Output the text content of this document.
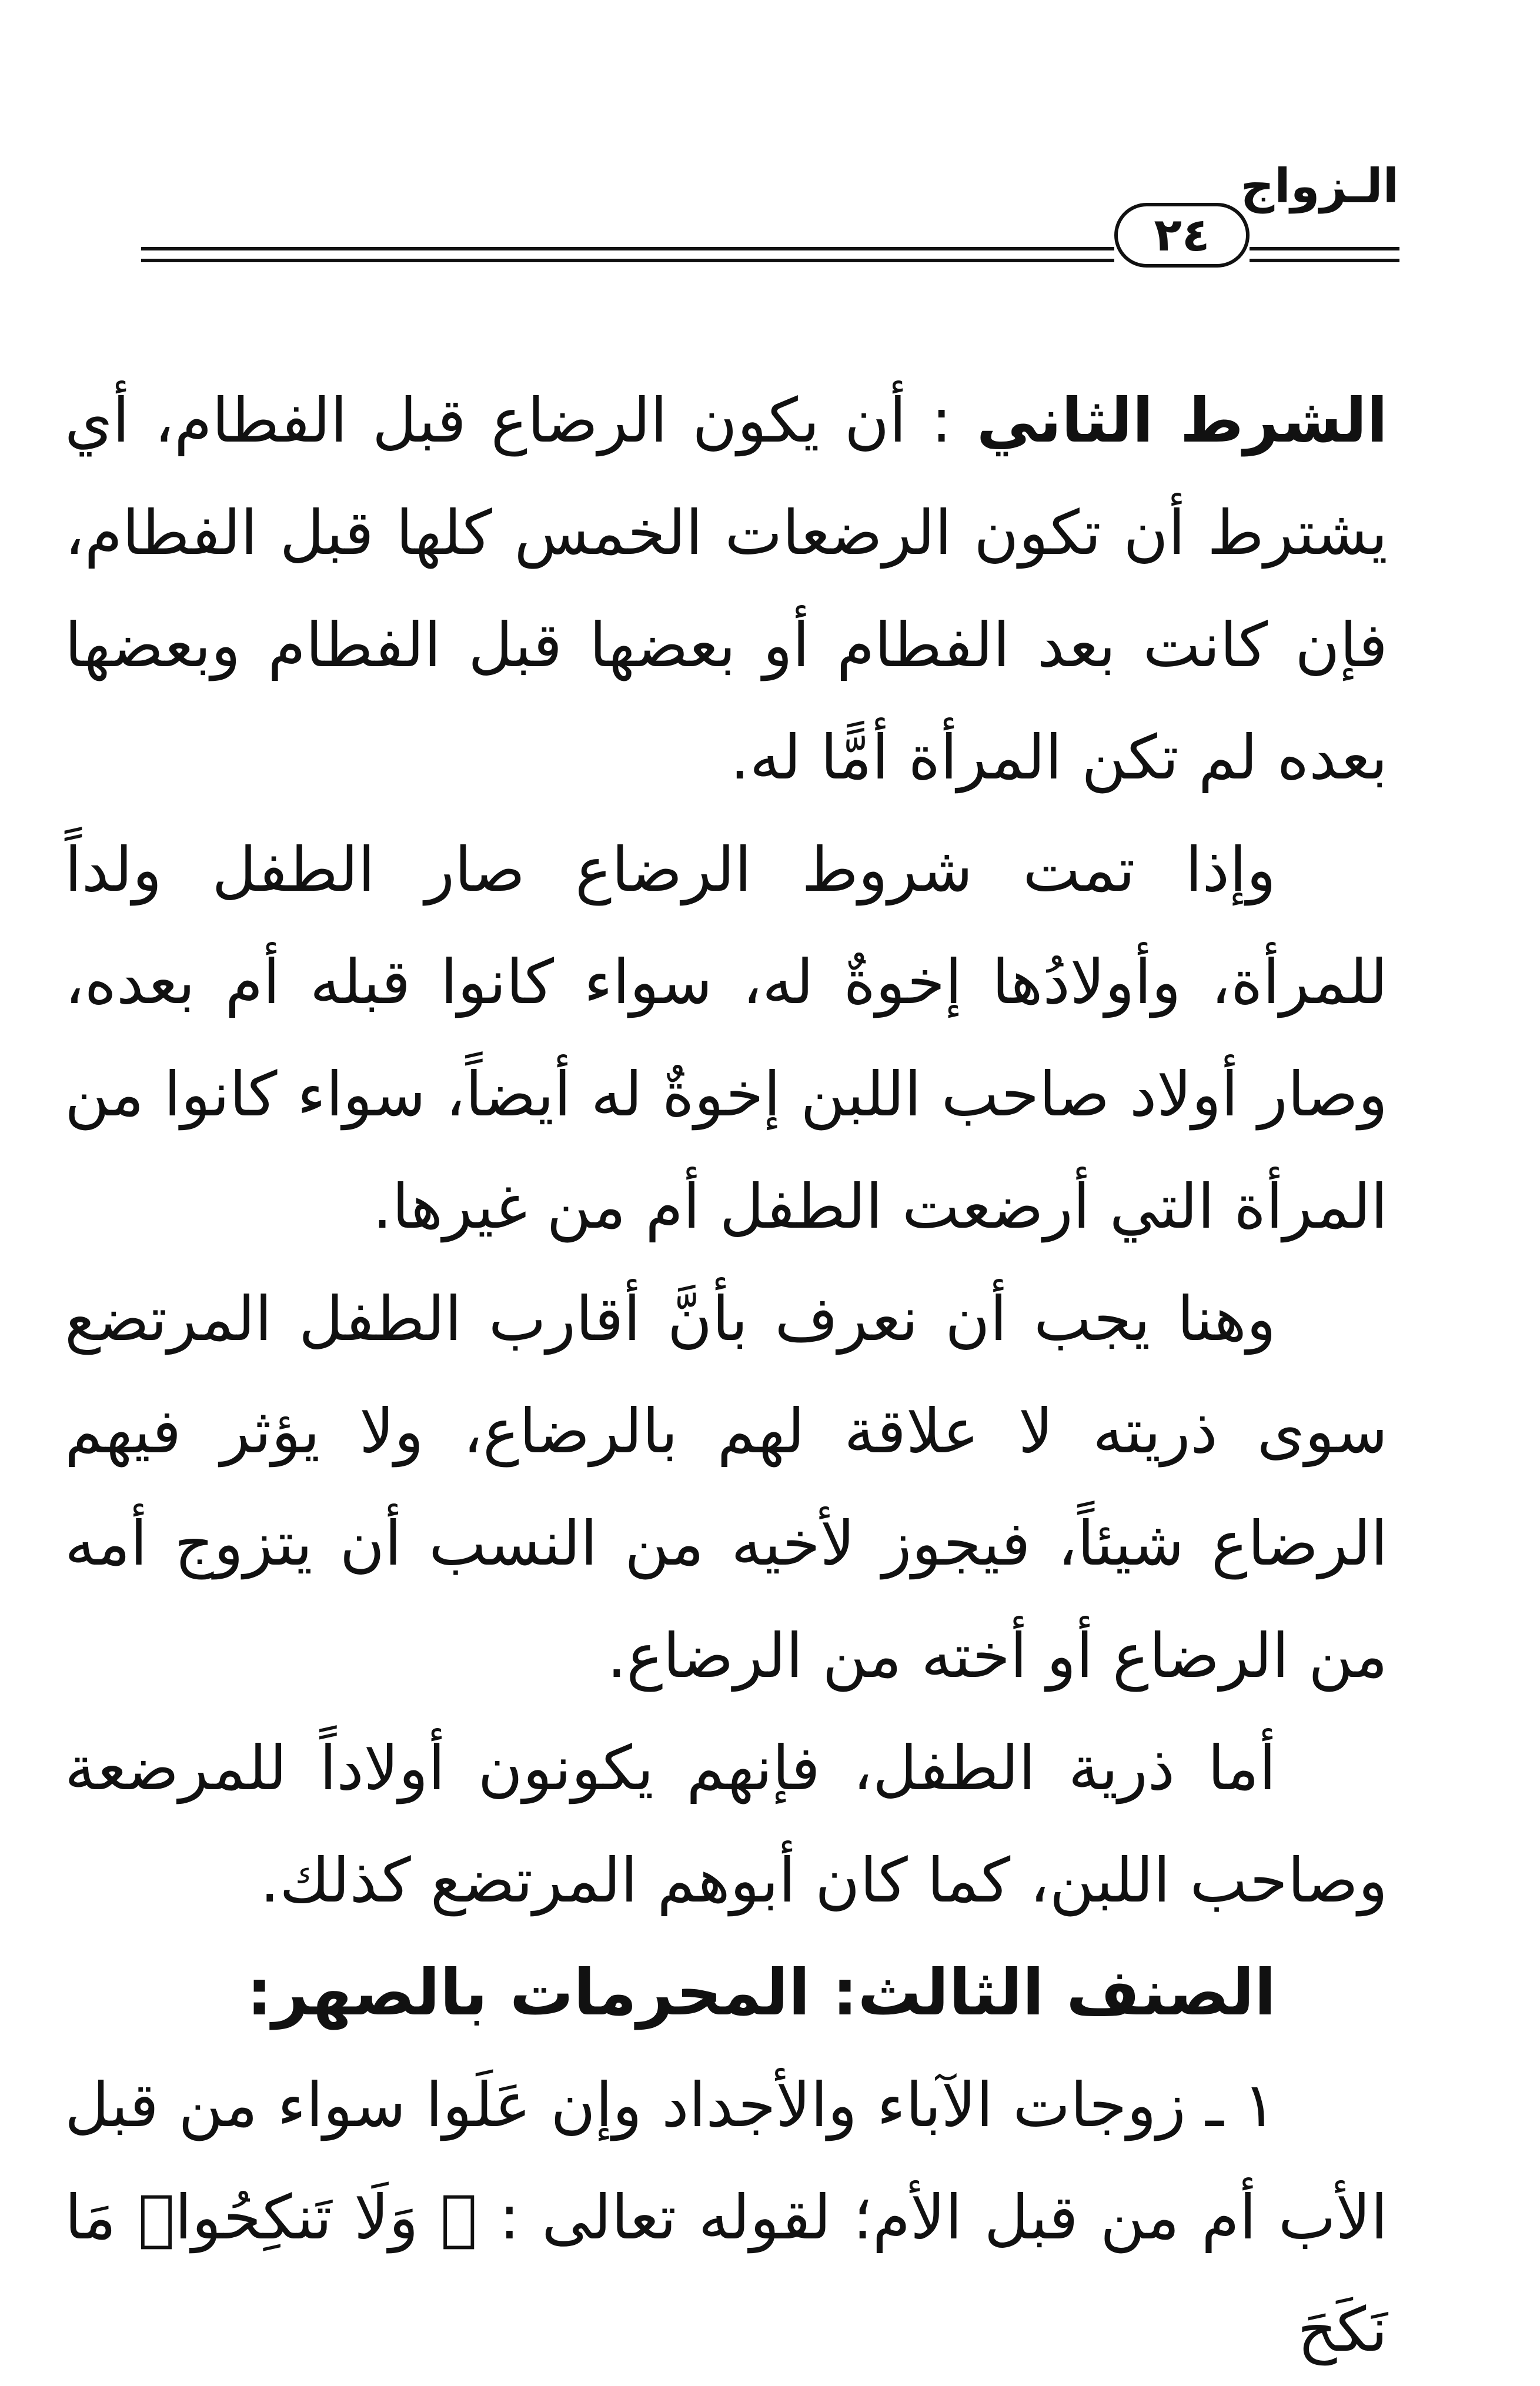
الـزواج
٢٤

الشرط الثاني : أن يكون الرضاع قبل الفطام، أي يشترط أن تكون الرضعات الخمس كلها قبل الفطام، فإن كانت بعد الفطام أو بعضها قبل الفطام وبعضها بعده لم تكن المرأة أمًّا له.

وإذا تمت شروط الرضاع صار الطفل ولداً للمرأة، وأولادُها إخوةٌ له، سواء كانوا قبله أم بعده، وصار أولاد صاحب اللبن إخوةٌ له أيضاً، سواء كانوا من المرأة التي أرضعت الطفل أم من غيرها.

وهنا يجب أن نعرف بأنَّ أقارب الطفل المرتضع سوى ذريته لا علاقة لهم بالرضاع، ولا يؤثر فيهم الرضاع شيئاً، فيجوز لأخيه من النسب أن يتزوج أمه من الرضاع أو أخته من الرضاع.

أما ذرية الطفل، فإنهم يكونون أولاداً للمرضعة وصاحب اللبن، كما كان أبوهم المرتضع كذلك.

الصنف الثالث: المحرمات بالصهر:

١ ـ زوجات الآباء والأجداد وإن عَلَوا سواء من قبل الأب أم من قبل الأم؛ لقوله تعالى : ﴿ وَلَا تَنكِحُوا۟ مَا نَكَحَ
